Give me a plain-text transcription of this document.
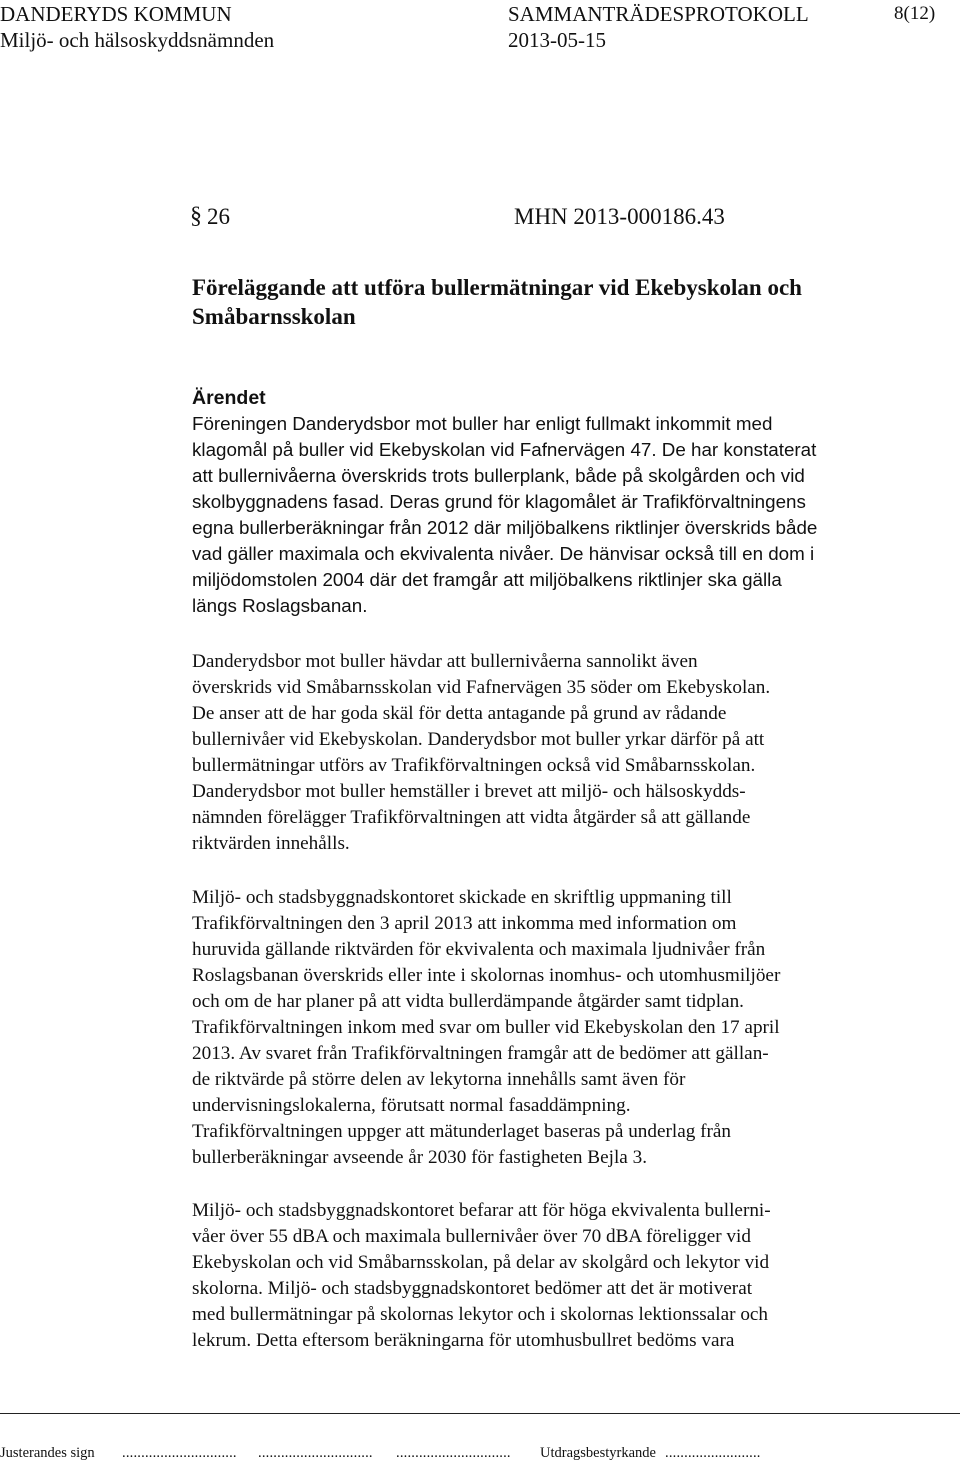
DANDERYDS KOMMUN	SAMMANTRÄDESPROTOKOLL	8(12)
Miljö- och hälsoskyddsnämnden	2013-05-15
§ 26	MHN 2013-000186.43
Föreläggande att utföra bullermätningar vid Ekebyskolan och
Småbarnsskolan
Ärendet
Föreningen Danderydsbor mot buller har enligt fullmakt inkommit med
klagomål på buller vid Ekebyskolan vid Fafnervägen 47. De har konstaterat
att bullernivåerna överskrids trots bullerplank, både på skolgården och vid
skolbyggnadens fasad. Deras grund för klagomålet är Trafikförvaltningens
egna bullerberäkningar från 2012 där miljöbalkens riktlinjer överskrids både
vad gäller maximala och ekvivalenta nivåer. De hänvisar också till en dom i
miljödomstolen 2004 där det framgår att miljöbalkens riktlinjer ska gälla
längs Roslagsbanan.
Danderydsbor mot buller hävdar att bullernivåerna sannolikt även
överskrids vid Småbarnsskolan vid Fafnervägen 35 söder om Ekebyskolan.
De anser att de har goda skäl för detta antagande på grund av rådande
bullernivåer vid Ekebyskolan. Danderydsbor mot buller yrkar därför på att
bullermätningar utförs av Trafikförvaltningen också vid Småbarnsskolan.
Danderydsbor mot buller hemställer i brevet att miljö- och hälsoskydds-
nämnden förelägger Trafikförvaltningen att vidta åtgärder så att gällande
riktvärden innehålls.
Miljö- och stadsbyggnadskontoret skickade en skriftlig uppmaning till
Trafikförvaltningen den 3 april 2013 att inkomma med information om
huruvida gällande riktvärden för ekvivalenta och maximala ljudnivåer från
Roslagsbanan överskrids eller inte i skolornas inomhus- och utomhusmiljöer
och om de har planer på att vidta bullerdämpande åtgärder samt tidplan.
Trafikförvaltningen inkom med svar om buller vid Ekebyskolan den 17 april
2013. Av svaret från Trafikförvaltningen framgår att de bedömer att gällan-
de riktvärde på större delen av lekytorna innehålls samt även för
undervisningslokalerna, förutsatt normal fasaddämpning.
Trafikförvaltningen uppger att mätunderlaget baseras på underlag från
bullerberäkningar avseende år 2030 för fastigheten Bejla 3.
Miljö- och stadsbyggnadskontoret befarar att för höga ekvivalenta bullerni-
våer över 55 dBA och maximala bullernivåer över 70 dBA föreligger vid
Ekebyskolan och vid Småbarnsskolan, på delar av skolgård och lekytor vid
skolorna. Miljö- och stadsbyggnadskontoret bedömer att det är motiverat
med bullermätningar på skolornas lekytor och i skolornas lektionssalar och
lekrum. Detta eftersom beräkningarna för utomhusbullret bedöms vara
Justerandes sign .............................. .............................. .............................. Utdragsbestyrkande .........................
